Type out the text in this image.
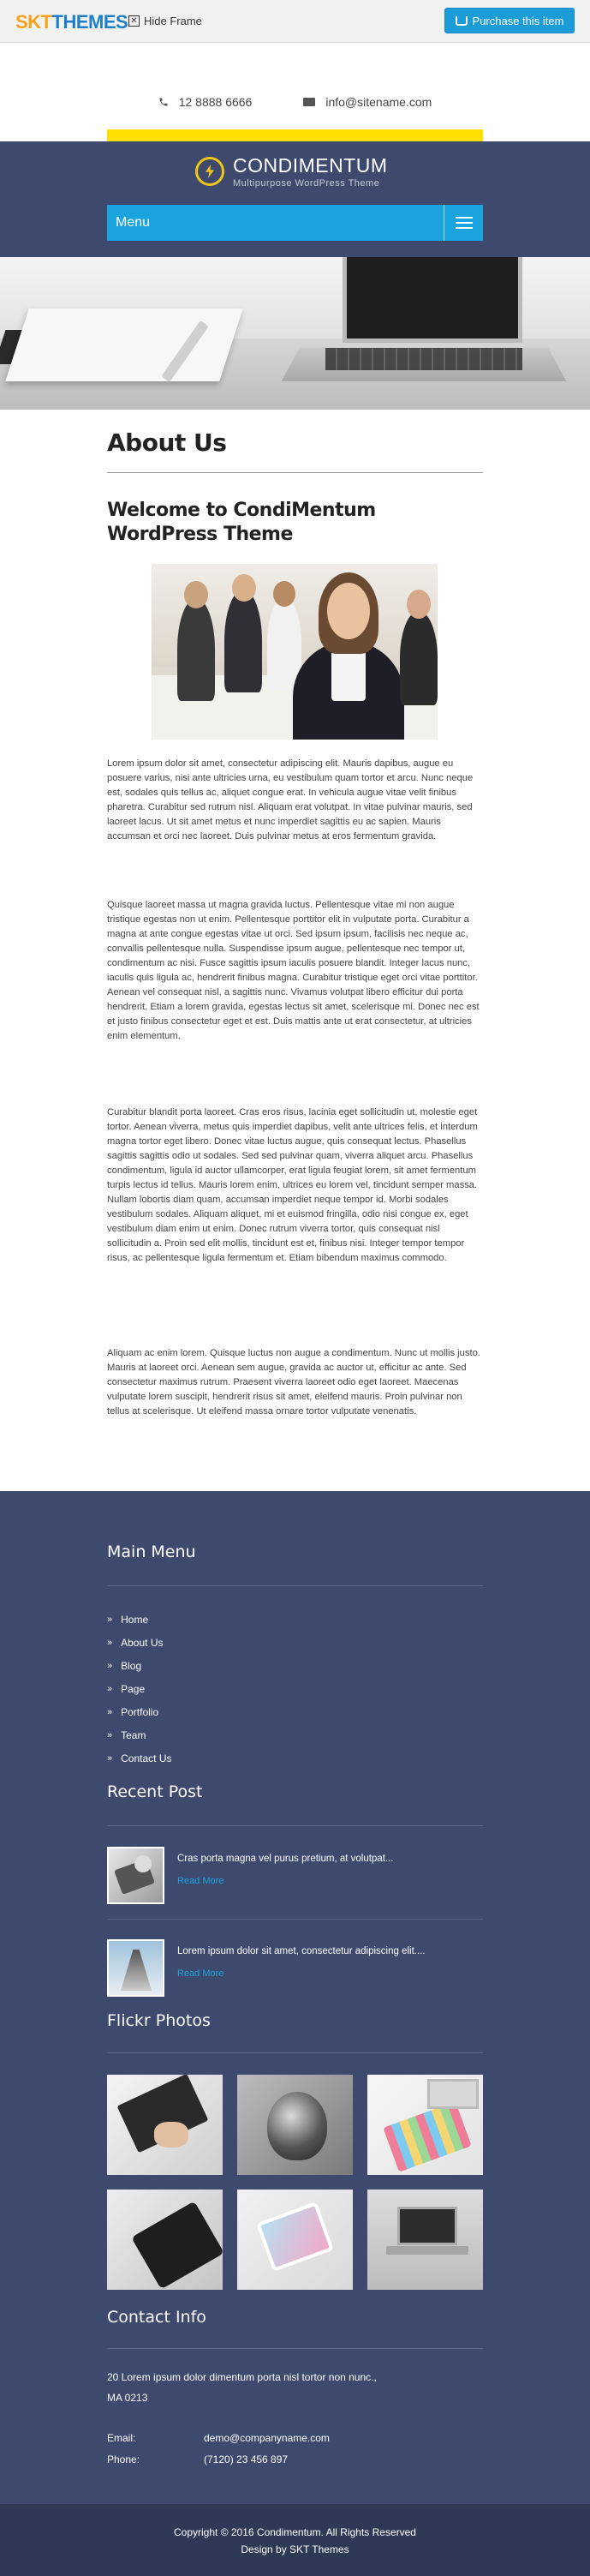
SKTTHEMES ✕ Hide Frame	Purchase this item
12 8888 6666	info@sitename.com
CONDIMENTUM
Multipurpose WordPress Theme
Menu
About Us
Welcome to CondiMentum WordPress Theme

Lorem ipsum dolor sit amet, consectetur adipiscing elit. Mauris dapibus, augue eu posuere varius, nisi ante ultricies urna, eu vestibulum quam tortor et arcu. Nunc neque est, sodales quis tellus ac, aliquet congue erat. In vehicula augue vitae velit finibus pharetra. Curabitur sed rutrum nisl. Aliquam erat volutpat. In vitae pulvinar mauris, sed laoreet lacus. Ut sit amet metus et nunc imperdiet sagittis eu ac sapien. Mauris accumsan et orci nec laoreet. Duis pulvinar metus at eros fermentum gravida.

Quisque laoreet massa ut magna gravida luctus. Pellentesque vitae mi non augue tristique egestas non ut enim. Pellentesque porttitor elit in vulputate porta. Curabitur a magna at ante congue egestas vitae ut orci. Sed ipsum ipsum, facilisis nec neque ac, convallis pellentesque nulla. Suspendisse ipsum augue, pellentesque nec tempor ut, condimentum ac nisi. Fusce sagittis ipsum iaculis posuere blandit. Integer lacus nunc, iaculis quis ligula ac, hendrerit finibus magna. Curabitur tristique eget orci vitae porttitor. Aenean vel consequat nisl, a sagittis nunc. Vivamus volutpat libero efficitur dui porta hendrerit. Etiam a lorem gravida, egestas lectus sit amet, scelerisque mi. Donec nec est et justo finibus consectetur eget et est. Duis mattis ante ut erat consectetur, at ultricies enim elementum.

Curabitur blandit porta laoreet. Cras eros risus, lacinia eget sollicitudin ut, molestie eget tortor. Aenean viverra, metus quis imperdiet dapibus, velit ante ultrices felis, et interdum magna tortor eget libero. Donec vitae luctus augue, quis consequat lectus. Phasellus sagittis sagittis odio ut sodales. Sed sed pulvinar quam, viverra aliquet arcu. Phasellus condimentum, ligula id auctor ullamcorper, erat ligula feugiat lorem, sit amet fermentum turpis lectus id tellus. Mauris lorem enim, ultrices eu lorem vel, tincidunt semper massa. Nullam lobortis diam quam, accumsan imperdiet neque tempor id. Morbi sodales vestibulum sodales. Aliquam aliquet, mi et euismod fringilla, odio nisi congue ex, eget vestibulum diam enim ut enim. Donec rutrum viverra tortor, quis consequat nisl sollicitudin a. Proin sed elit mollis, tincidunt est et, finibus nisi. Integer tempor tempor risus, ac pellentesque ligula fermentum et. Etiam bibendum maximus commodo.

Aliquam ac enim lorem. Quisque luctus non augue a condimentum. Nunc ut mollis justo. Mauris at laoreet orci. Aenean sem augue, gravida ac auctor ut, efficitur ac ante. Sed consectetur maximus rutrum. Praesent viverra laoreet odio eget laoreet. Maecenas vulputate lorem suscipit, hendrerit risus sit amet, eleifend mauris. Proin pulvinar non tellus at scelerisque. Ut eleifend massa ornare tortor vulputate venenatis.

Main Menu
» Home
» About Us
» Blog
» Page
» Portfolio
» Team
» Contact Us
Recent Post
Cras porta magna vel purus pretium, at volutpat...
Read More
Lorem ipsum dolor sit amet, consectetur adipiscing elit....
Read More
Flickr Photos
Contact Info
20 Lorem ipsum dolor dimentum porta nisl tortor non nunc.,
MA 0213
Email:	demo@companyname.com
Phone:	(7120) 23 456 897
Copyright © 2016 Condimentum. All Rights Reserved
Design by SKT Themes
